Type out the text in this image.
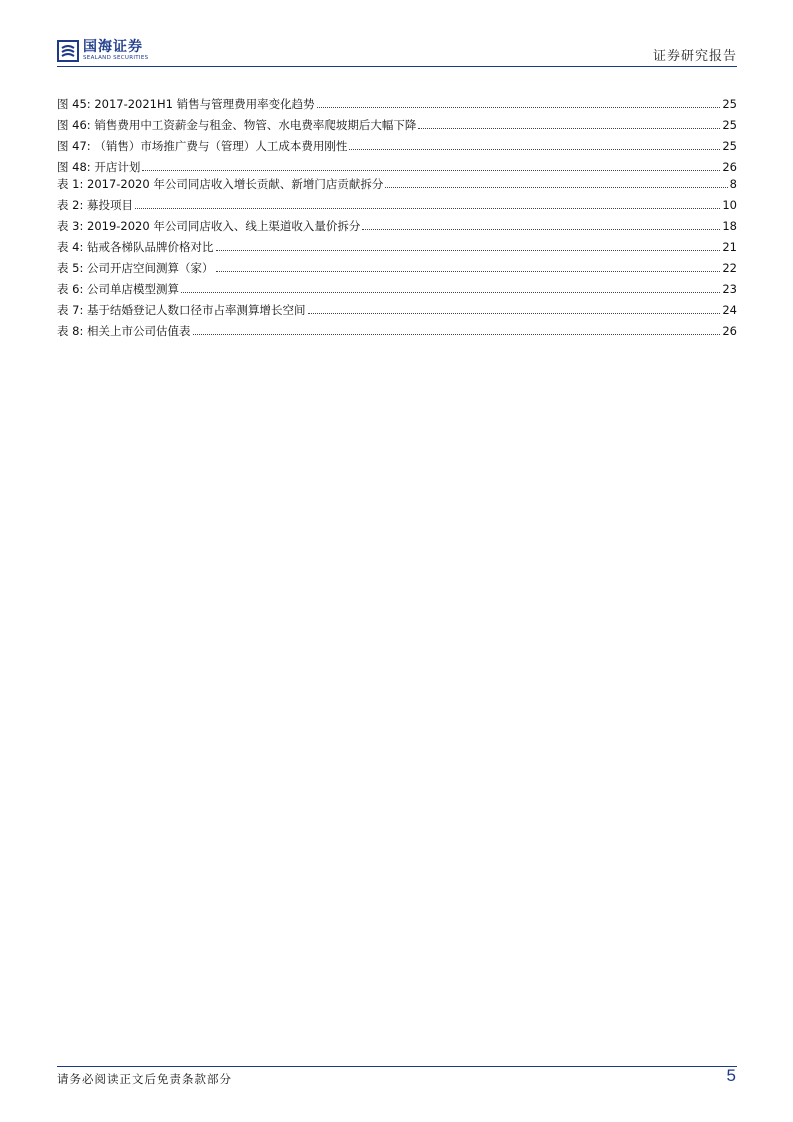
国海证券
SEALAND SECURITIES	证券研究报告
图 45: 2017-2021H1 销售与管理费用率变化趋势	25
图 46: 销售费用中工资薪金与租金、物管、水电费率爬坡期后大幅下降	25
图 47: （销售）市场推广费与（管理）人工成本费用刚性	25
图 48: 开店计划	26
表 1: 2017-2020 年公司同店收入增长贡献、新增门店贡献拆分	8
表 2: 募投项目	10
表 3: 2019-2020 年公司同店收入、线上渠道收入量价拆分	18
表 4: 钻戒各梯队品牌价格对比	21
表 5: 公司开店空间测算（家）	22
表 6: 公司单店模型测算	23
表 7: 基于结婚登记人数口径市占率测算增长空间	24
表 8: 相关上市公司估值表	26
请务必阅读正文后免责条款部分	5
